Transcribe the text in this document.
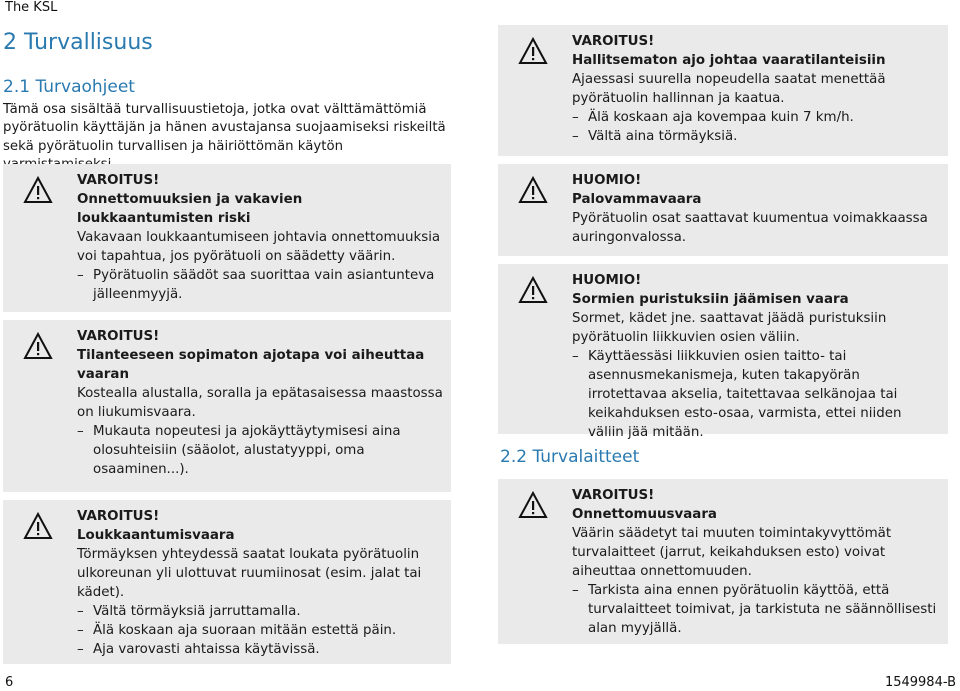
The KSL
2 Turvallisuus
2.1 Turvaohjeet
Tämä osa sisältää turvallisuustietoja, jotka ovat välttämättömiä pyörätuolin käyttäjän ja hänen avustajansa suojaamiseksi riskeiltä sekä pyörätuolin turvallisen ja häiriöttömän käytön
VAROITUS!
Onnettomuuksien ja vakavien loukkaantumisten riski
Vakavaan loukkaantumiseen johtavia onnettomuuksia voi tapahtua, jos pyörätuoli on säädetty väärin.
– Pyörätuolin säädöt saa suorittaa vain asiantunteva jälleenmyyjä.
VAROITUS!
Tilanteeseen sopimaton ajotapa voi aiheuttaa vaaran
Kostealla alustalla, soralla ja epätasaisessa maastossa on liukumisvaara.
– Mukauta nopeutesi ja ajokäyttäytymisesi aina olosuhteisiin (sääolot, alustatyyppi, oma osaaminen...).
VAROITUS!
Loukkaantumisvaara
Törmäyksen yhteydessä saatat loukata pyörätuolin ulkoreunan yli ulottuvat ruumiinosat (esim. jalat tai kädet).
– Vältä törmäyksiä jarruttamalla.
– Älä koskaan aja suoraan mitään estettä päin.
– Aja varovasti ahtaissa käytävissä.
VAROITUS!
Hallitsematon ajo johtaa vaaratilanteisiin
Ajaessasi suurella nopeudella saatat menettää pyörätuolin hallinnan ja kaatua.
– Älä koskaan aja kovempaa kuin 7 km/h.
– Vältä aina törmäyksiä.
HUOMIO!
Palovammavaara
Pyörätuolin osat saattavat kuumentua voimakkaassa auringonvalossa.
HUOMIO!
Sormien puristuksiin jäämisen vaara
Sormet, kädet jne. saattavat jäädä puristuksiin pyörätuolin liikkuvien osien väliin.
– Käyttäessäsi liikkuvien osien taitto- tai asennusmekanismeja, kuten takapyörän irrotettavaa akselia, taitettavaa selkänojaa tai keikahduksen esto-osaa, varmista, ettei niiden väliin jää mitään.
2.2 Turvalaitteet
VAROITUS!
Onnettomuusvaara
Väärin säädetyt tai muuten toimintakyvyttömät turvalaitteet (jarrut, keikahduksen esto) voivat aiheuttaa onnettomuuden.
– Tarkista aina ennen pyörätuolin käyttöä, että turvalaitteet toimivat, ja tarkistuta ne säännöllisesti alan myyjällä.
6	1549984-B
